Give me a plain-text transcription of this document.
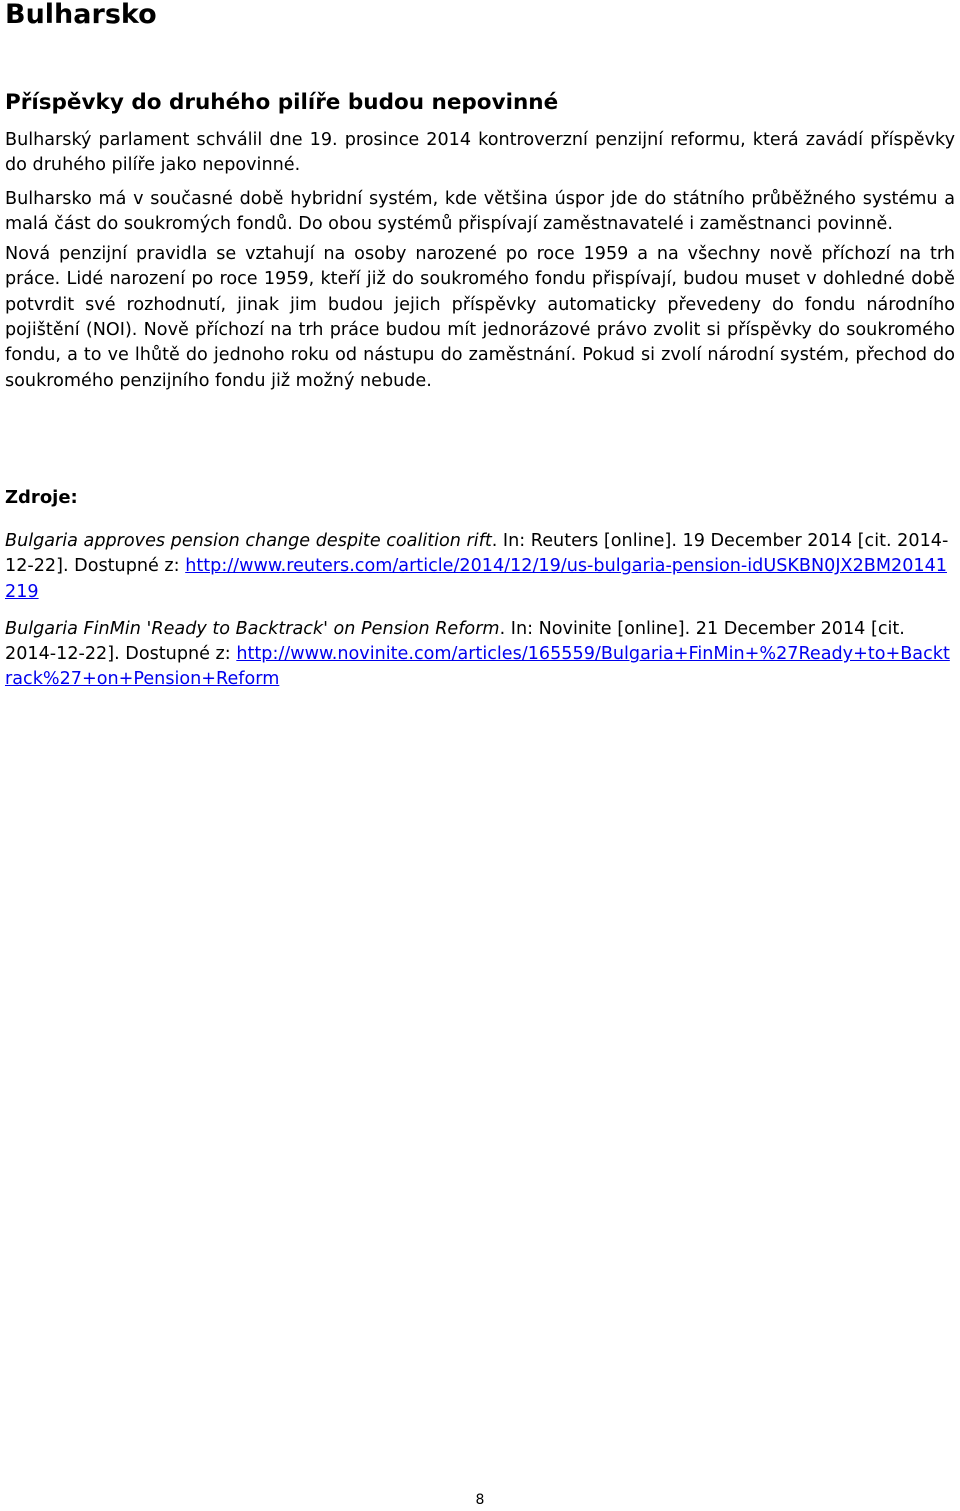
Bulharsko
Příspěvky do druhého pilíře budou nepovinné

Bulharský parlament schválil dne 19. prosince 2014 kontroverzní penzijní reformu, která zavádí příspěvky do druhého pilíře jako nepovinné.

Bulharsko má v současné době hybridní systém, kde většina úspor jde do státního průběžného systému a malá část do soukromých fondů. Do obou systémů přispívají zaměstnavatelé i zaměstnanci povinně.

Nová penzijní pravidla se vztahují na osoby narozené po roce 1959 a na všechny nově příchozí na trh práce. Lidé narození po roce 1959, kteří již do soukromého fondu přispívají, budou muset v dohledné době potvrdit své rozhodnutí, jinak jim budou jejich příspěvky automaticky převedeny do fondu národního pojištění (NOI). Nově příchozí na trh práce budou mít jednorázové právo zvolit si příspěvky do soukromého fondu, a to ve lhůtě do jednoho roku od nástupu do zaměstnání. Pokud si zvolí národní systém, přechod do soukromého penzijního fondu již možný nebude.

Zdroje:

Bulgaria approves pension change despite coalition rift. In: Reuters [online]. 19 December 2014 [cit. 2014-12-22]. Dostupné z: http://www.reuters.com/article/2014/12/19/us-bulgaria-pension-idUSKBN0JX2BM20141219

Bulgaria FinMin 'Ready to Backtrack' on Pension Reform. In: Novinite [online]. 21 December 2014 [cit. 2014-12-22]. Dostupné z: http://www.novinite.com/articles/165559/Bulgaria+FinMin+%27Ready+to+Backtrack%27+on+Pension+Reform

8
